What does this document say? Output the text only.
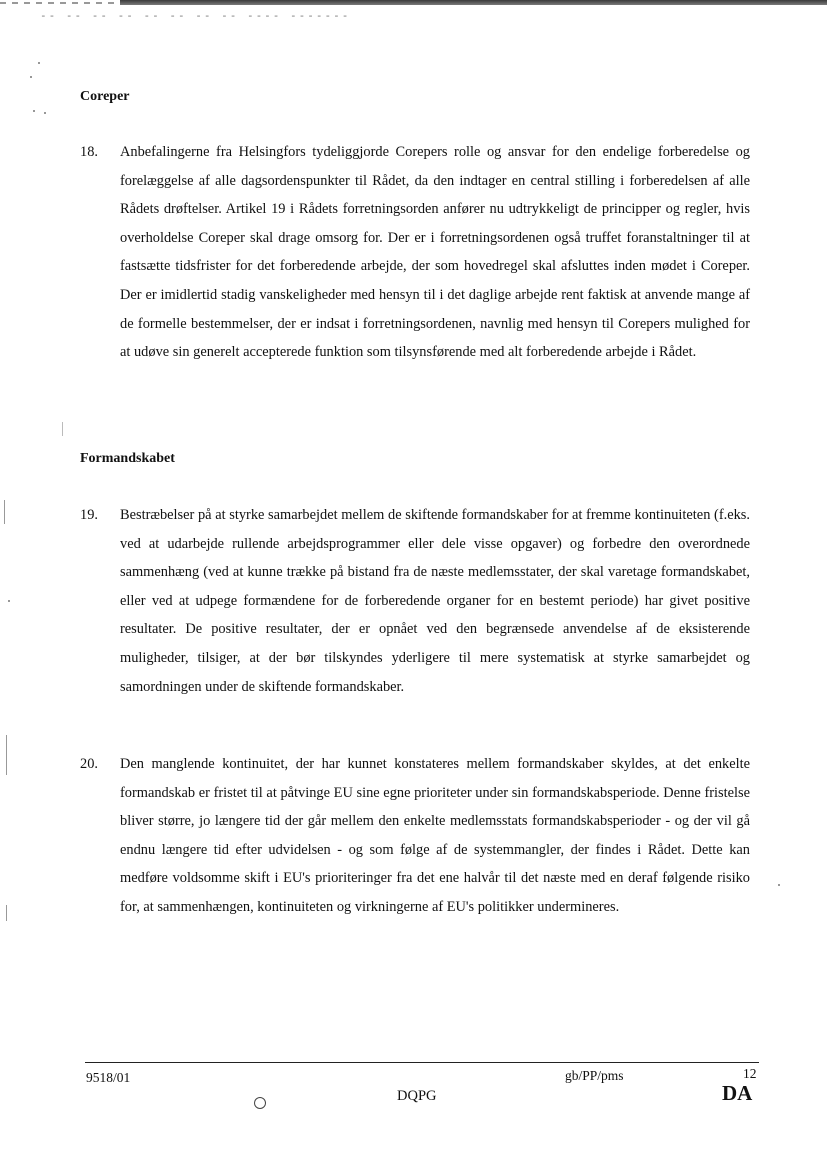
-- -- -- -- -- -- -- -- ---- -------
Coreper
18. Anbefalingerne fra Helsingfors tydeliggjorde Corepers rolle og ansvar for den endelige forberedelse og forelæggelse af alle dagsordenspunkter til Rådet, da den indtager en central stilling i forberedelsen af alle Rådets drøftelser. Artikel 19 i Rådets forretningsorden anfører nu udtrykkeligt de principper og regler, hvis overholdelse Coreper skal drage omsorg for. Der er i forretningsordenen også truffet foranstaltninger til at fastsætte tidsfrister for det forberedende arbejde, der som hovedregel skal afsluttes inden mødet i Coreper. Der er imidlertid stadig vanskeligheder med hensyn til i det daglige arbejde rent faktisk at anvende mange af de formelle bestemmelser, der er indsat i forretningsordenen, navnlig med hensyn til Corepers mulighed for at udøve sin generelt accepterede funktion som tilsynsførende med alt forberedende arbejde i Rådet.

Formandskabet
19. Bestræbelser på at styrke samarbejdet mellem de skiftende formandskaber for at fremme kontinuiteten (f.eks. ved at udarbejde rullende arbejdsprogrammer eller dele visse opgaver) og forbedre den overordnede sammenhæng (ved at kunne trække på bistand fra de næste medlemsstater, der skal varetage formandskabet, eller ved at udpege formændene for de forberedende organer for en bestemt periode) har givet positive resultater. De positive resultater, der er opnået ved den begrænsede anvendelse af de eksisterende muligheder, tilsiger, at der bør tilskyndes yderligere til mere systematisk at styrke samarbejdet og samordningen under de skiftende formandskaber.

20. Den manglende kontinuitet, der har kunnet konstateres mellem formandskaber skyldes, at det enkelte formandskab er fristet til at påtvinge EU sine egne prioriteter under sin formandskabsperiode. Denne fristelse bliver større, jo længere tid der går mellem den enkelte medlemsstats formandskabsperioder - og der vil gå endnu længere tid efter udvidelsen - og som følge af de systemmangler, der findes i Rådet. Dette kan medføre voldsomme skift i EU's prioriteringer fra det ene halvår til det næste med en deraf følgende risiko for, at sammenhængen, kontinuiteten og virkningerne af EU's politikker undermineres.

9518/01	gb/PP/pms	12
DQPG	DA
